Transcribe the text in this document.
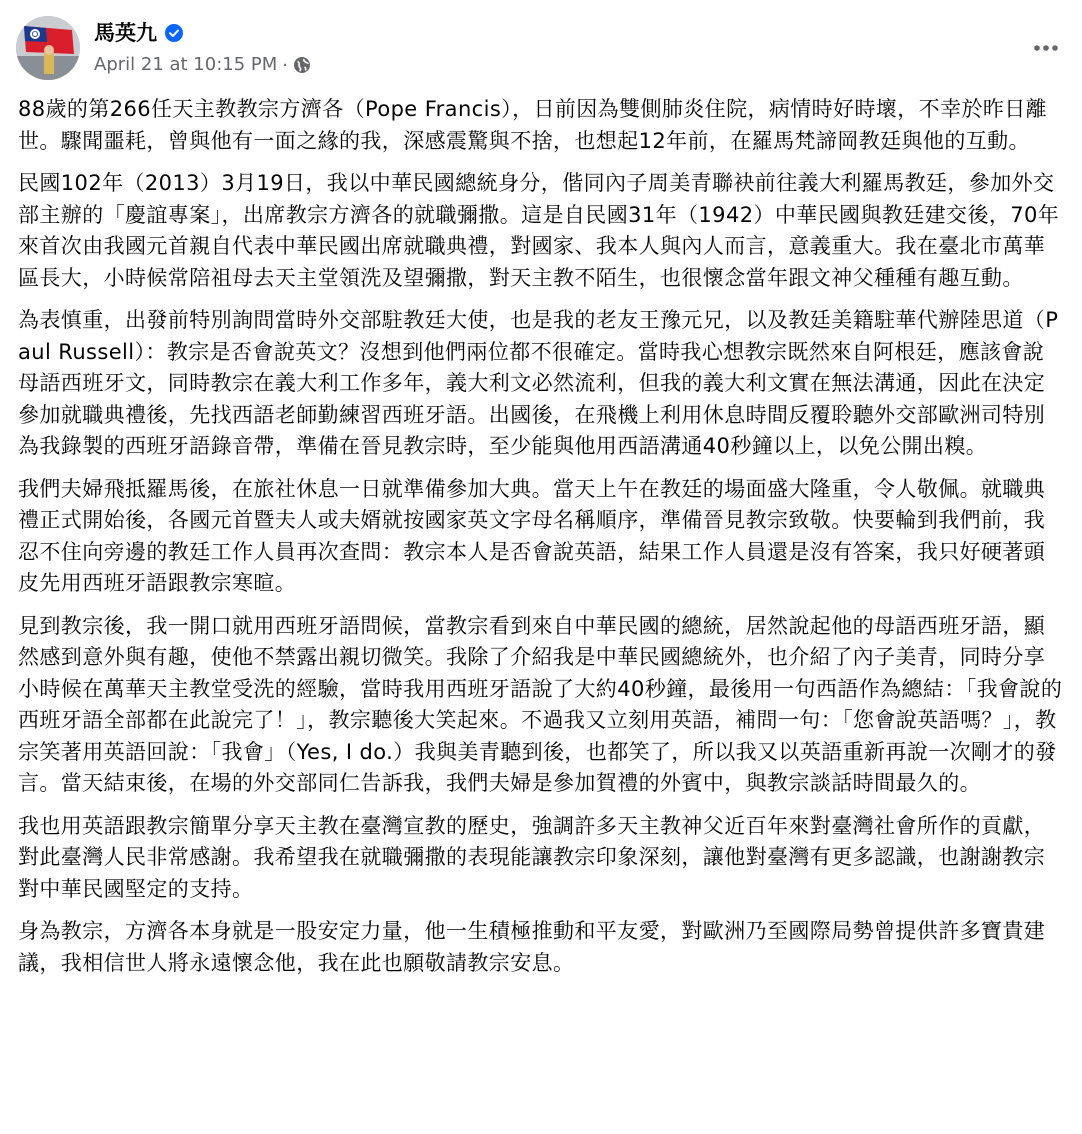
馬英九
April 21 at 10:15 PM ·

88歲的第266任天主教教宗方濟各（Pope Francis），日前因為雙側肺炎住院，病情時好時壞，不幸於昨日離世。驟聞噩耗，曾與他有一面之緣的我，深感震驚與不捨，也想起12年前，在羅馬梵諦岡教廷與他的互動。

民國102年（2013）3月19日，我以中華民國總統身分，偕同內子周美青聯袂前往義大利羅馬教廷，參加外交部主辦的「慶誼專案」，出席教宗方濟各的就職彌撒。這是自民國31年（1942）中華民國與教廷建交後，70年來首次由我國元首親自代表中華民國出席就職典禮，對國家、我本人與內人而言，意義重大。我在臺北市萬華區長大，小時候常陪祖母去天主堂領洗及望彌撒，對天主教不陌生，也很懷念當年跟文神父種種有趣互動。

為表慎重，出發前特別詢問當時外交部駐教廷大使，也是我的老友王豫元兄，以及教廷美籍駐華代辦陸思道（Paul Russell）：教宗是否會說英文？沒想到他們兩位都不很確定。當時我心想教宗既然來自阿根廷，應該會說母語西班牙文，同時教宗在義大利工作多年，義大利文必然流利，但我的義大利文實在無法溝通，因此在決定參加就職典禮後，先找西語老師勤練習西班牙語。出國後，在飛機上利用休息時間反覆聆聽外交部歐洲司特別為我錄製的西班牙語錄音帶，準備在晉見教宗時，至少能與他用西語溝通40秒鐘以上，以免公開出糗。

我們夫婦飛抵羅馬後，在旅社休息一日就準備參加大典。當天上午在教廷的場面盛大隆重，令人敬佩。就職典禮正式開始後，各國元首暨夫人或夫婿就按國家英文字母名稱順序，準備晉見教宗致敬。快要輪到我們前，我忍不住向旁邊的教廷工作人員再次查問：教宗本人是否會說英語，結果工作人員還是沒有答案，我只好硬著頭皮先用西班牙語跟教宗寒暄。

見到教宗後，我一開口就用西班牙語問候，當教宗看到來自中華民國的總統，居然說起他的母語西班牙語，顯然感到意外與有趣，使他不禁露出親切微笑。我除了介紹我是中華民國總統外，也介紹了內子美青，同時分享小時候在萬華天主教堂受洗的經驗，當時我用西班牙語說了大約40秒鐘，最後用一句西語作為總結：「我會說的西班牙語全部都在此說完了！」，教宗聽後大笑起來。不過我又立刻用英語，補問一句：「您會說英語嗎？」，教宗笑著用英語回說：「我會」（Yes, I do.）我與美青聽到後，也都笑了，所以我又以英語重新再說一次剛才的發言。當天結束後，在場的外交部同仁告訴我，我們夫婦是參加賀禮的外賓中，與教宗談話時間最久的。

我也用英語跟教宗簡單分享天主教在臺灣宣教的歷史，強調許多天主教神父近百年來對臺灣社會所作的貢獻，對此臺灣人民非常感謝。我希望我在就職彌撒的表現能讓教宗印象深刻，讓他對臺灣有更多認識，也謝謝教宗對中華民國堅定的支持。

身為教宗，方濟各本身就是一股安定力量，他一生積極推動和平友愛，對歐洲乃至國際局勢曾提供許多寶貴建議，我相信世人將永遠懷念他，我在此也願敬請教宗安息。
